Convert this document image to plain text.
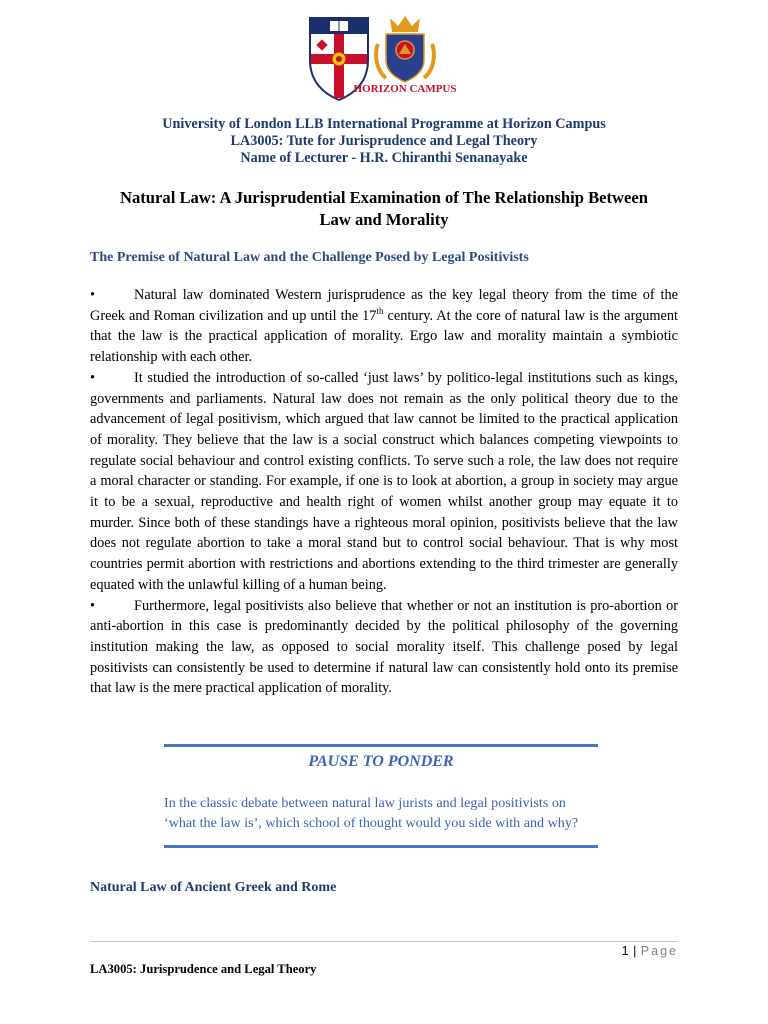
HORIZON CAMPUS
University of London LLB International Programme at Horizon Campus
LA3005: Tute for Jurisprudence and Legal Theory
Name of Lecturer - H.R. Chiranthi Senanayake
Natural Law: A Jurisprudential Examination of The Relationship Between
Law and Morality
The Premise of Natural Law and the Challenge Posed by Legal Positivists

•	Natural law dominated Western jurisprudence as the key legal theory from the time of the Greek and Roman civilization and up until the 17th century. At the core of natural law is the argument that the law is the practical application of morality. Ergo law and morality maintain a symbiotic relationship with each other.

•	It studied the introduction of so-called ‘just laws’ by politico-legal institutions such as kings, governments and parliaments. Natural law does not remain as the only political theory due to the advancement of legal positivism, which argued that law cannot be limited to the practical application of morality. They believe that the law is a social construct which balances competing viewpoints to regulate social behaviour and control existing conflicts. To serve such a role, the law does not require a moral character or standing. For example, if one is to look at abortion, a group in society may argue it to be a sexual, reproductive and health right of women whilst another group may equate it to murder. Since both of these standings have a righteous moral opinion, positivists believe that the law does not regulate abortion to take a moral stand but to control social behaviour. That is why most countries permit abortion with restrictions and abortions extending to the third trimester are generally equated with the unlawful killing of a human being.

•	Furthermore, legal positivists also believe that whether or not an institution is pro-abortion or anti-abortion in this case is predominantly decided by the political philosophy of the governing institution making the law, as opposed to social morality itself. This challenge posed by legal positivists can consistently be used to determine if natural law can consistently hold onto its premise that law is the mere practical application of morality.

PAUSE TO PONDER
In the classic debate between natural law jurists and legal positivists on ‘what the law is’, which school of thought would you side with and why?
Natural Law of Ancient Greek and Rome
1 | Page
LA3005: Jurisprudence and Legal Theory
